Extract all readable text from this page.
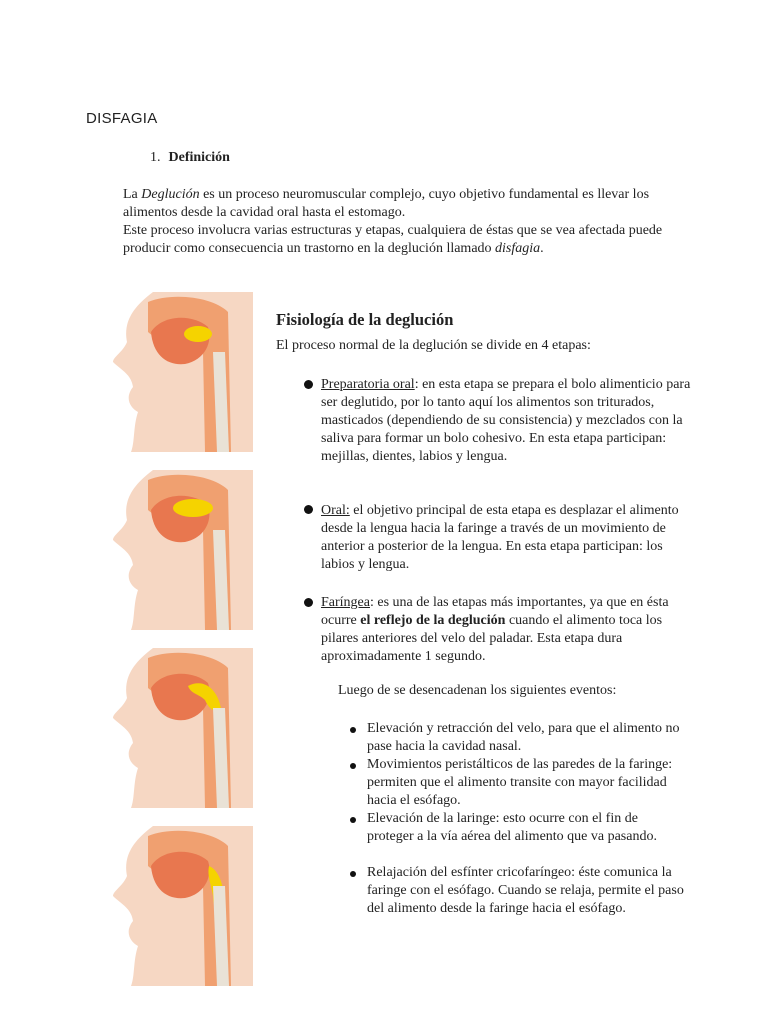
DISFAGIA
1. Definición
La Deglución es un proceso neuromuscular complejo, cuyo objetivo fundamental es llevar los alimentos desde la cavidad oral hasta el estomago.
Este proceso involucra varias estructuras y etapas, cualquiera de éstas que se vea afectada puede producir como consecuencia un trastorno en la deglución llamado disfagia.
Fisiología de la deglución
El proceso normal de la deglución se divide en 4 etapas:
Preparatoria oral: en esta etapa se prepara el bolo alimenticio para ser deglutido, por lo tanto aquí los alimentos son triturados, masticados (dependiendo de su consistencia) y mezclados con la saliva para formar un bolo cohesivo. En esta etapa participan: mejillas, dientes, labios y lengua.
Oral: el objetivo principal de esta etapa es desplazar el alimento desde la lengua hacia la faringe a través de un movimiento de anterior a posterior de la lengua. En esta etapa participan: los labios y lengua.
Faríngea: es una de las etapas más importantes, ya que en ésta ocurre el reflejo de la deglución cuando el alimento toca los pilares anteriores del velo del paladar. Esta etapa dura aproximadamente 1 segundo.
Luego de se desencadenan los siguientes eventos:
Elevación y retracción del velo, para que el alimento no pase hacia la cavidad nasal.
Movimientos peristálticos de las paredes de la faringe: permiten que el alimento transite con mayor facilidad hacia el esófago.
Elevación de la laringe: esto ocurre con el fin de proteger a la vía aérea del alimento que va pasando.
Relajación del esfínter cricofaríngeo: éste comunica la faringe con el esófago. Cuando se relaja, permite el paso del alimento desde la faringe hacia el esófago.
